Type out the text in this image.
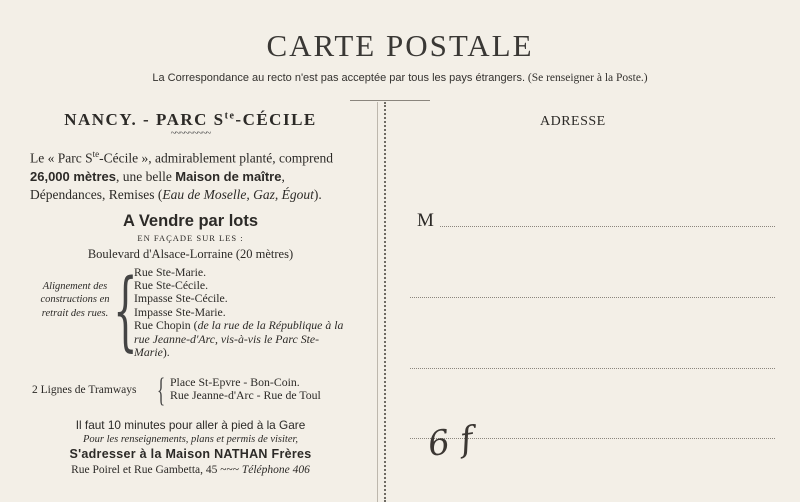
CARTE POSTALE
La Correspondance au recto n'est pas acceptée par tous les pays étrangers. (Se renseigner à la Poste.)
NANCY. - PARC $S^{te}$-CÉCILE
~~~~~~~~~
Le « Parc $S^{te}$-Cécile », admirablement planté, comprend 26,000 mètres, une belle Maison de maître, Dépendances, Remises (Eau de Moselle, Gaz, Égout).
A Vendre par lots
EN FAÇADE SUR LES :
Boulevard d'Alsace-Lorraine (20 mètres)
Alignement des constructions en retrait des rues. {
Rue Ste-Marie.
Rue Ste-Cécile.
Impasse Ste-Cécile.
Impasse Ste-Marie.
Rue Chopin (de la rue de la République à la rue Jeanne-d'Arc, vis-à-vis le Parc Ste-Marie).
2 Lignes de Tramways { Place St-Epvre - Bon-Coin.
Rue Jeanne-d'Arc - Rue de Toul
Il faut 10 minutes pour aller à pied à la Gare
Pour les renseignements, plans et permis de visiter,
S'adresser à la Maison NATHAN Frères
Rue Poirel et Rue Gambetta, 45 ~~~ Téléphone 406
ADRESSE
M
6 f
